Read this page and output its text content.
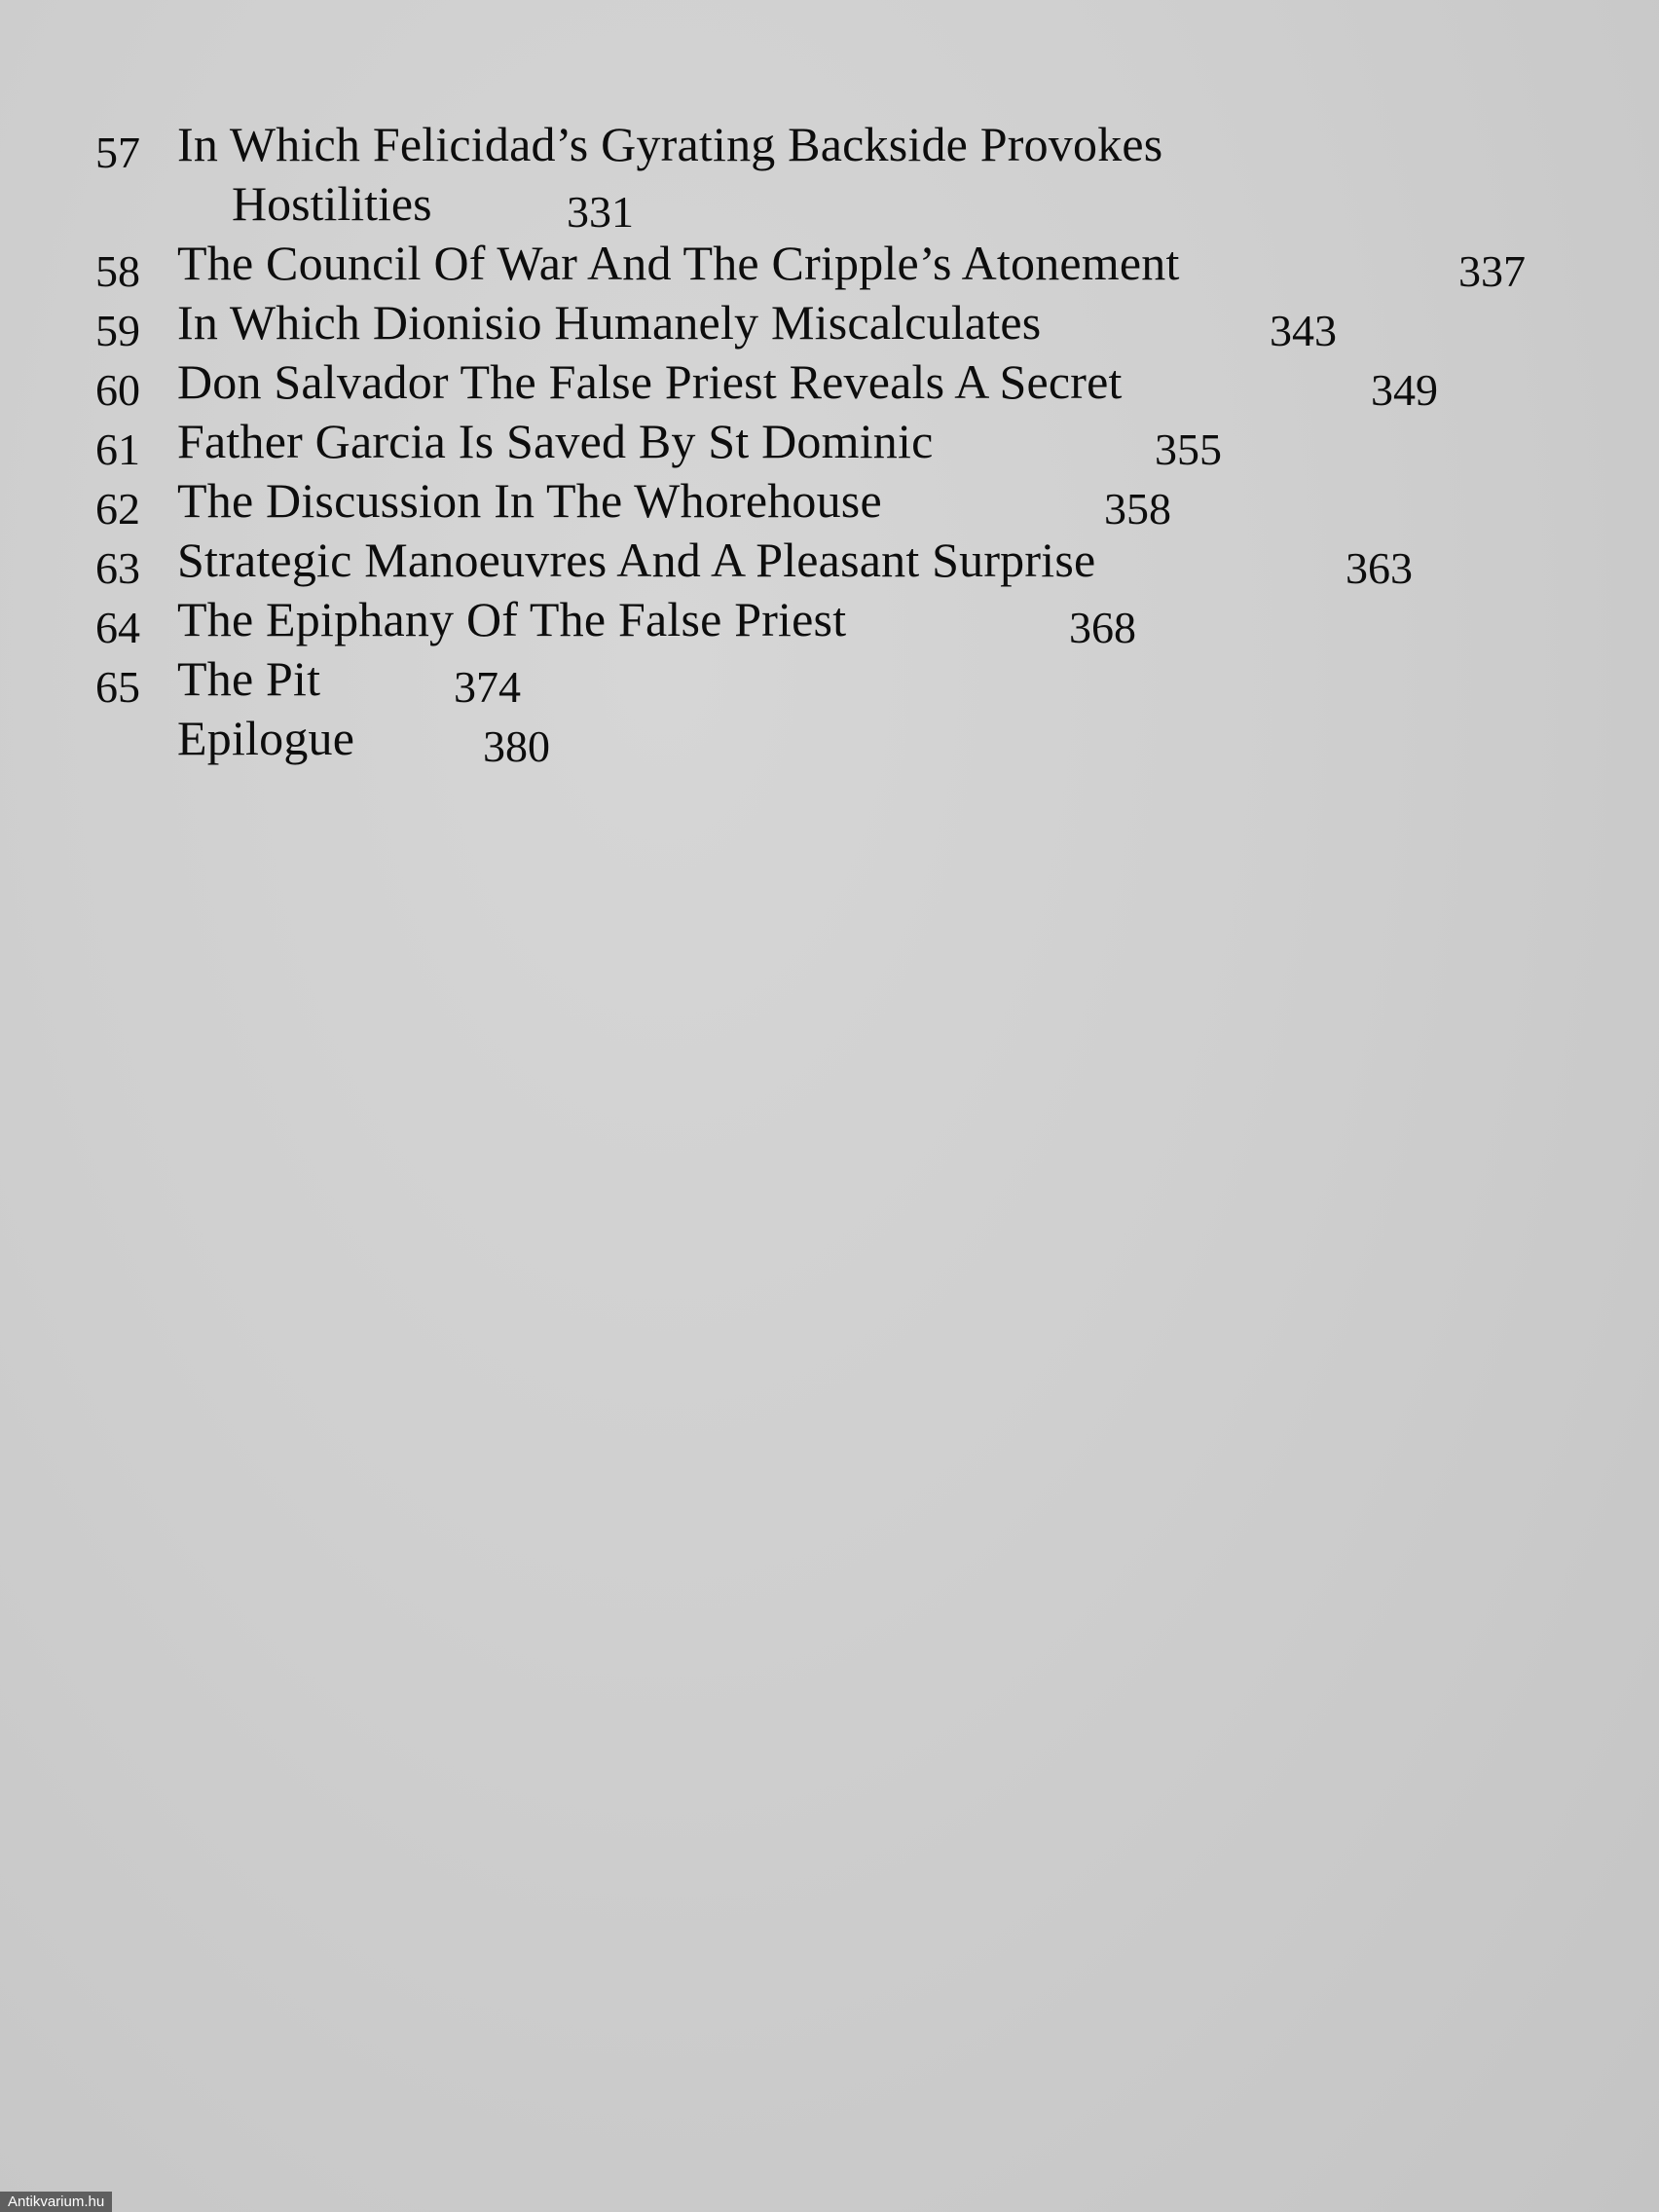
57 In Which Felicidad’s Gyrating Backside Provokes
Hostilities	331
58 The Council Of War And The Cripple’s Atonement	337
59 In Which Dionisio Humanely Miscalculates	343
60 Don Salvador The False Priest Reveals A Secret	349
61 Father Garcia Is Saved By St Dominic	355
62 The Discussion In The Whorehouse	358
63 Strategic Manoeuvres And A Pleasant Surprise	363
64 The Epiphany Of The False Priest	368
65 The Pit	374
Epilogue	380
Antikvarium.hu
